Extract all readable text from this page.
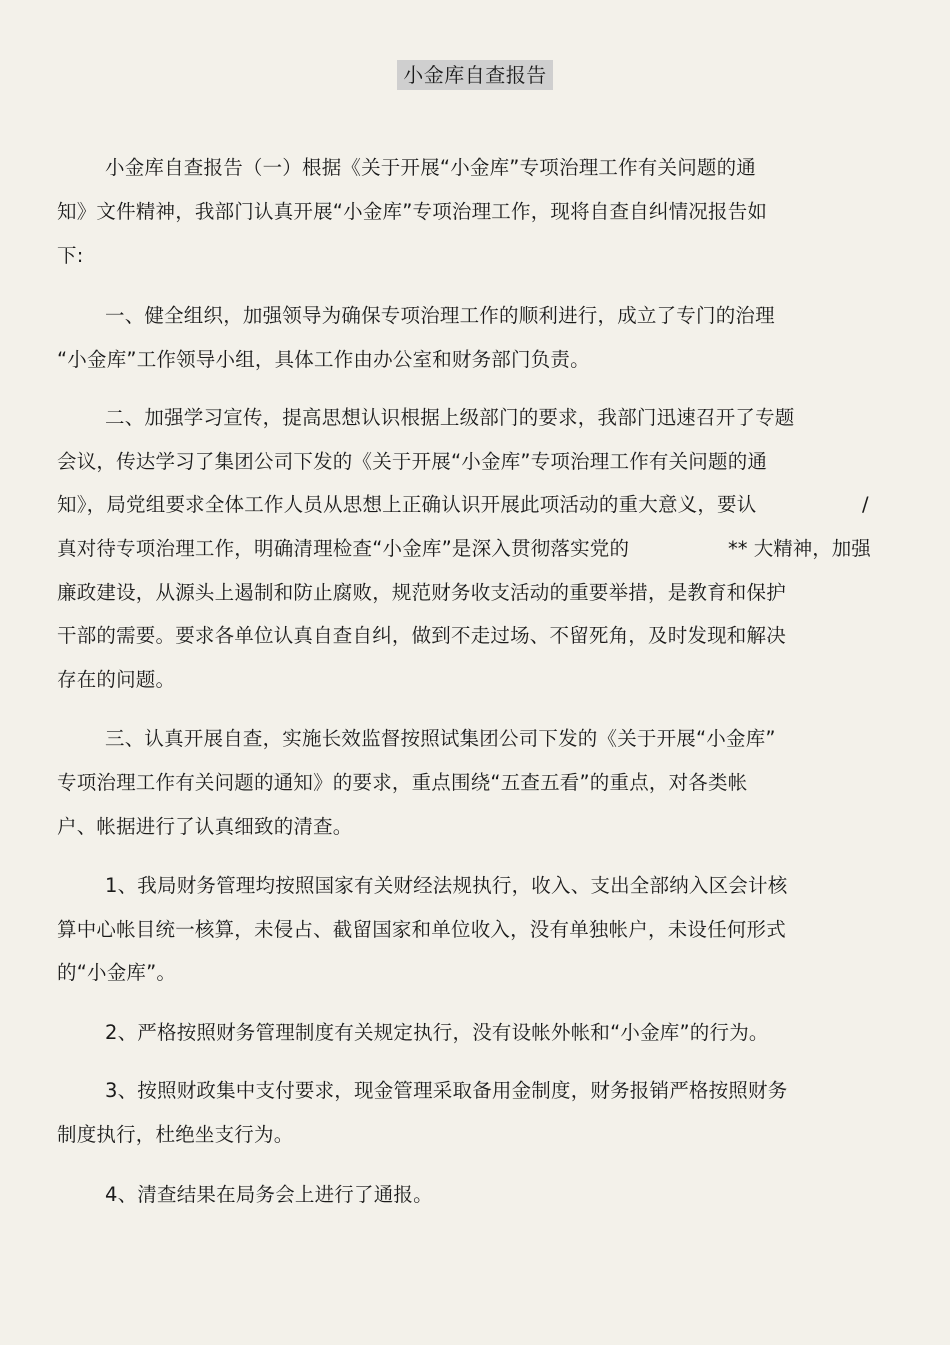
小金库自查报告
小金库自查报告（一）根据《关于开展“小金库”专项治理工作有关问题的通
知》文件精神，我部门认真开展“小金库”专项治理工作，现将自查自纠情况报告如
下:
一、健全组织，加强领导为确保专项治理工作的顺利进行，成立了专门的治理
“小金库”工作领导小组，具体工作由办公室和财务部门负责。
二、加强学习宣传，提高思想认识根据上级部门的要求，我部门迅速召开了专题
会议，传达学习了集团公司下发的《关于开展“小金库”专项治理工作有关问题的通
知》，局党组要求全体工作人员从思想上正确认识开展此项活动的重大意义，要认	/
真对待专项治理工作，明确清理检查“小金库”是深入贯彻落实党的	** 大精神，加强
廉政建设，从源头上遏制和防止腐败，规范财务收支活动的重要举措，是教育和保护
干部的需要。要求各单位认真自查自纠，做到不走过场、不留死角，及时发现和解决
存在的问题。
三、认真开展自查，实施长效监督按照试集团公司下发的《关于开展“小金库”
专项治理工作有关问题的通知》的要求，重点围绕“五查五看”的重点，对各类帐
户、帐据进行了认真细致的清查。
1、我局财务管理均按照国家有关财经法规执行，收入、支出全部纳入区会计核
算中心帐目统一核算，未侵占、截留国家和单位收入，没有单独帐户，未设任何形式
的“小金库”。
2、严格按照财务管理制度有关规定执行，没有设帐外帐和“小金库”的行为。
3、按照财政集中支付要求，现金管理采取备用金制度，财务报销严格按照财务
制度执行，杜绝坐支行为。
4、清查结果在局务会上进行了通报。
